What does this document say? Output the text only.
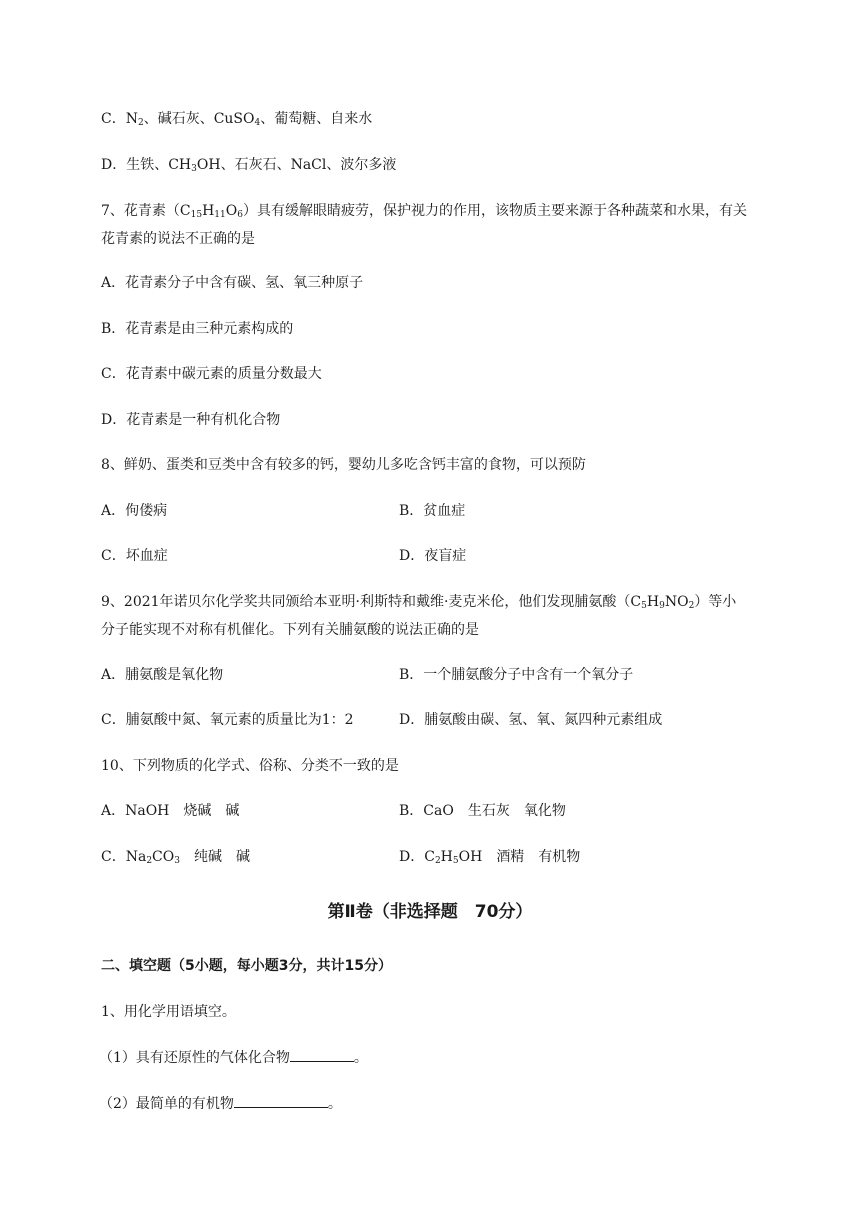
C．$N_2$、碱石灰、CuSO$_4$、葡萄糖、自来水
D．生铁、$CH_3OH$、石灰石、NaCl、波尔多液
7、花青素$(C_{15}H_{11}O_6)$具有缓解眼睛疲劳，保护视力的作用，该物质主要来源于各种蔬菜和水果，有关
花青素的说法不正确的是
A．花青素分子中含有碳、氢、氧三种原子
B．花青素是由三种元素构成的
C．花青素中碳元素的质量分数最大
D．花青素是一种有机化合物
8、鲜奶、蛋类和豆类中含有较多的钙，婴幼儿多吃含钙丰富的食物，可以预防
A．佝偻病	B．贫血症
C．坏血症	D．夜盲症
9、2021年诺贝尔化学奖共同颁给本亚明·利斯特和戴维·麦克米伦，他们发现脯氨酸$(C_5H_9NO_2)$等小
分子能实现不对称有机催化。下列有关脯氨酸的说法正确的是
A．脯氨酸是氧化物	B．一个脯氨酸分子中含有一个氧分子
C．脯氨酸中氮、氧元素的质量比为1：2	D．脯氨酸由碳、氢、氧、氮四种元素组成
10、下列物质的化学式、俗称、分类不一致的是
A．NaOH 烧碱 碱	B．CaO 生石灰 氧化物
C．$Na_2CO_3$ 纯碱 碱	D．$C_2H_5OH$ 酒精 有机物
第Ⅱ卷（非选择题　70分）
二、填空题（5小题，每小题3分，共计15分）
1、用化学用语填空。
（1）具有还原性的气体化合物	。
（2）最简单的有机物	。
